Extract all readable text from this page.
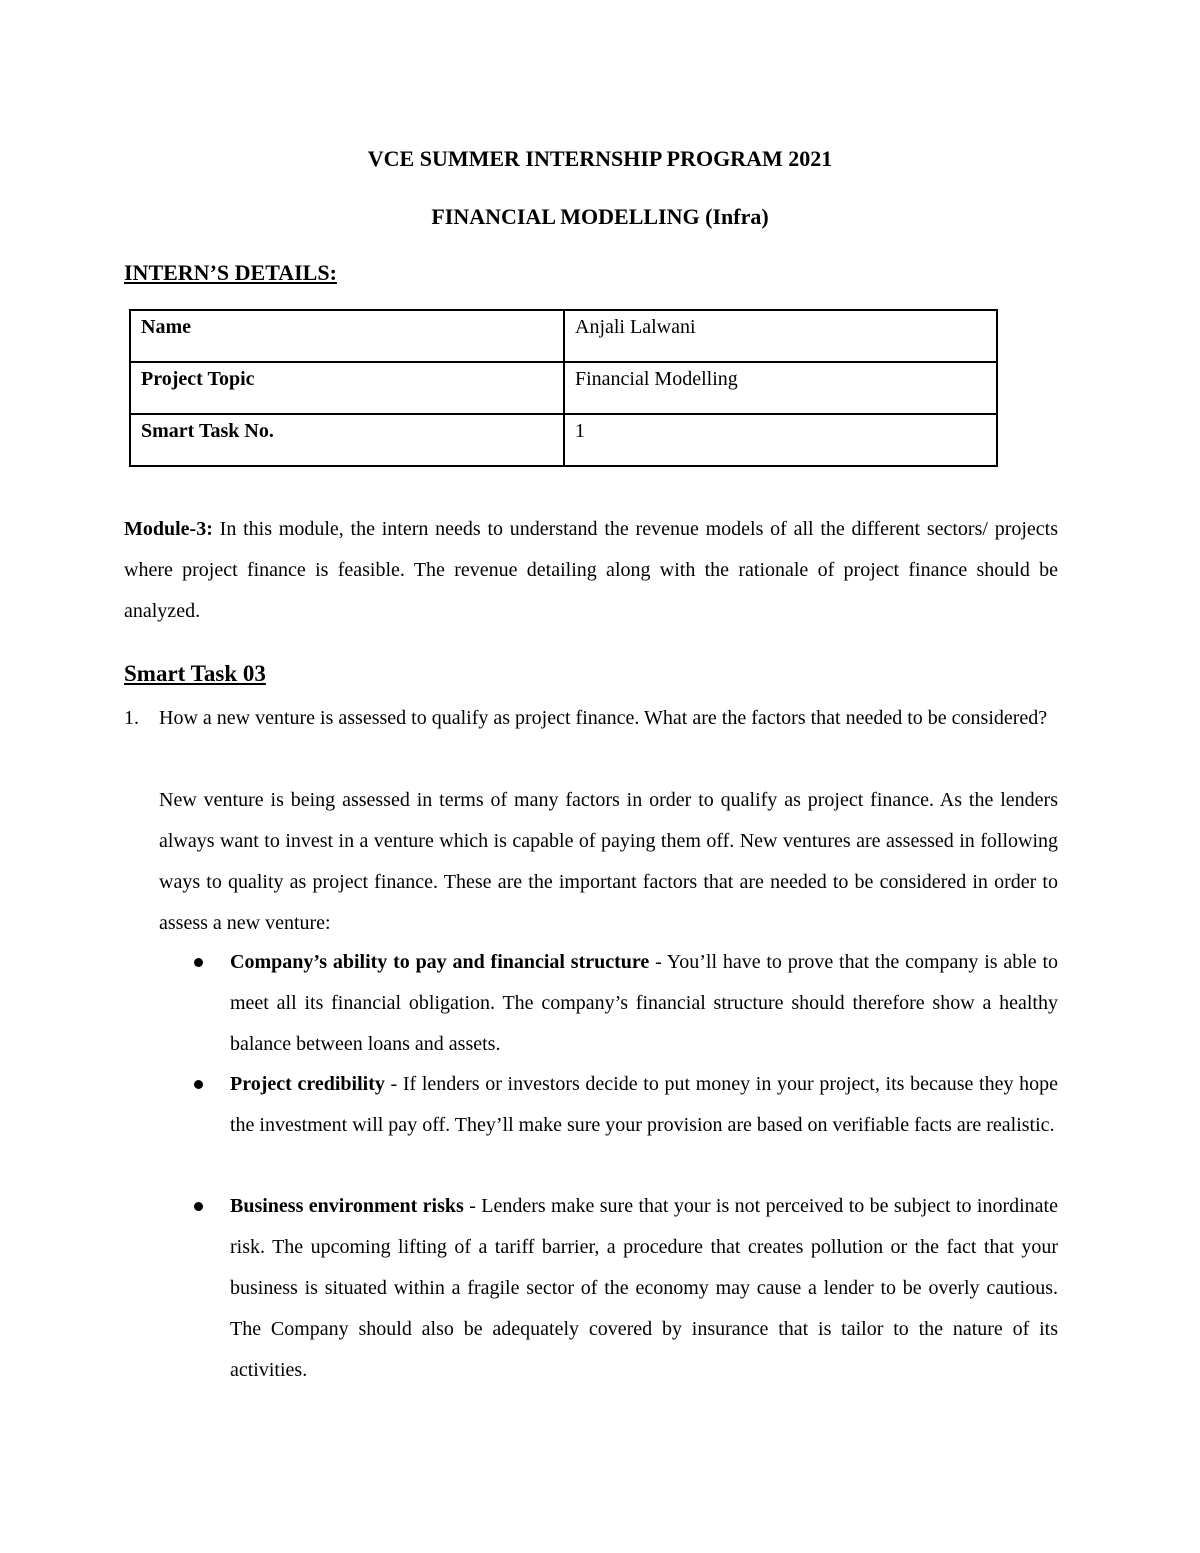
VCE SUMMER INTERNSHIP PROGRAM 2021
FINANCIAL MODELLING (Infra)
INTERN’S DETAILS:
Name	Anjali Lalwani
Project Topic	Financial Modelling
Smart Task No.	1
Module-3: In this module, the intern needs to understand the revenue models of all the different sectors/ projects where project finance is feasible. The revenue detailing along with the rationale of project finance should be analyzed.
Smart Task 03
1. How a new venture is assessed to qualify as project finance. What are the factors that needed to be considered?
New venture is being assessed in terms of many factors in order to qualify as project finance. As the lenders always want to invest in a venture which is capable of paying them off. New ventures are assessed in following ways to quality as project finance. These are the important factors that are needed to be considered in order to assess a new venture:
Company’s ability to pay and financial structure - You’ll have to prove that the company is able to meet all its financial obligation. The company’s financial structure should therefore show a healthy balance between loans and assets.
Project credibility - If lenders or investors decide to put money in your project, its because they hope the investment will pay off. They’ll make sure your provision are based on verifiable facts are realistic.
Business environment risks - Lenders make sure that your is not perceived to be subject to inordinate risk. The upcoming lifting of a tariff barrier, a procedure that creates pollution or the fact that your business is situated within a fragile sector of the economy may cause a lender to be overly cautious. The Company should also be adequately covered by insurance that is tailor to the nature of its activities.
